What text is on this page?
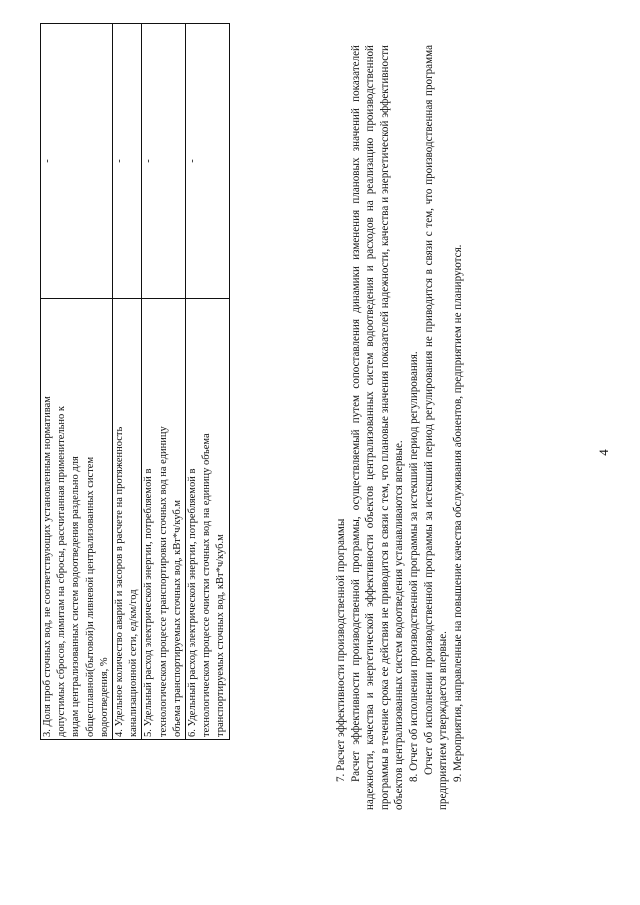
4
3. Доля проб сточных вод, не соответствующих установленным нормативам допустимых сбросов, лимитам на сбросы, рассчитанная применительно к видам централизованных систем водоотведения раздельно для общесплавной(бытовой)и ливневой централизованных систем водоотведения, %	-

4. Удельное количество аварий и засоров в расчете на протяженность канализационной сети, ед/км/год	-

5. Удельный расход электрической энергии, потребляемой в технологическом процессе транспортировки сточных вод на единицу объема транспортируемых сточных вод, кВт*ч/куб.м	-

6. Удельный расход электрической энергии, потребляемой в технологическом процессе очистки сточных вод на единицу объема транспортируемых сточных вод, кВт*ч/куб.м	-

7. Расчет эффективности производственной программы Расчет эффективности производственной программы, осуществляемый путем сопоставления динамики изменения плановых значений показателей надежности, качества и энергетической эффективности объектов централизованных систем водоотведения и расходов на реализацию производственной программы в течение срока ее действия не приводится в связи с тем, что плановые значения показателей надежности, качества и энергетической эффективности объектов централизованных систем водоотведения устанавливаются впервые. 8. Отчет об исполнении производственной программы за истекший период регулирования. Отчет об исполнении производственной программы за истекший период регулирования не приводится в связи с тем, что производственная программа предприятием утверждается впервые. 9. Мероприятия, направленные на повышение качества обслуживания абонентов, предприятием не планируются.
